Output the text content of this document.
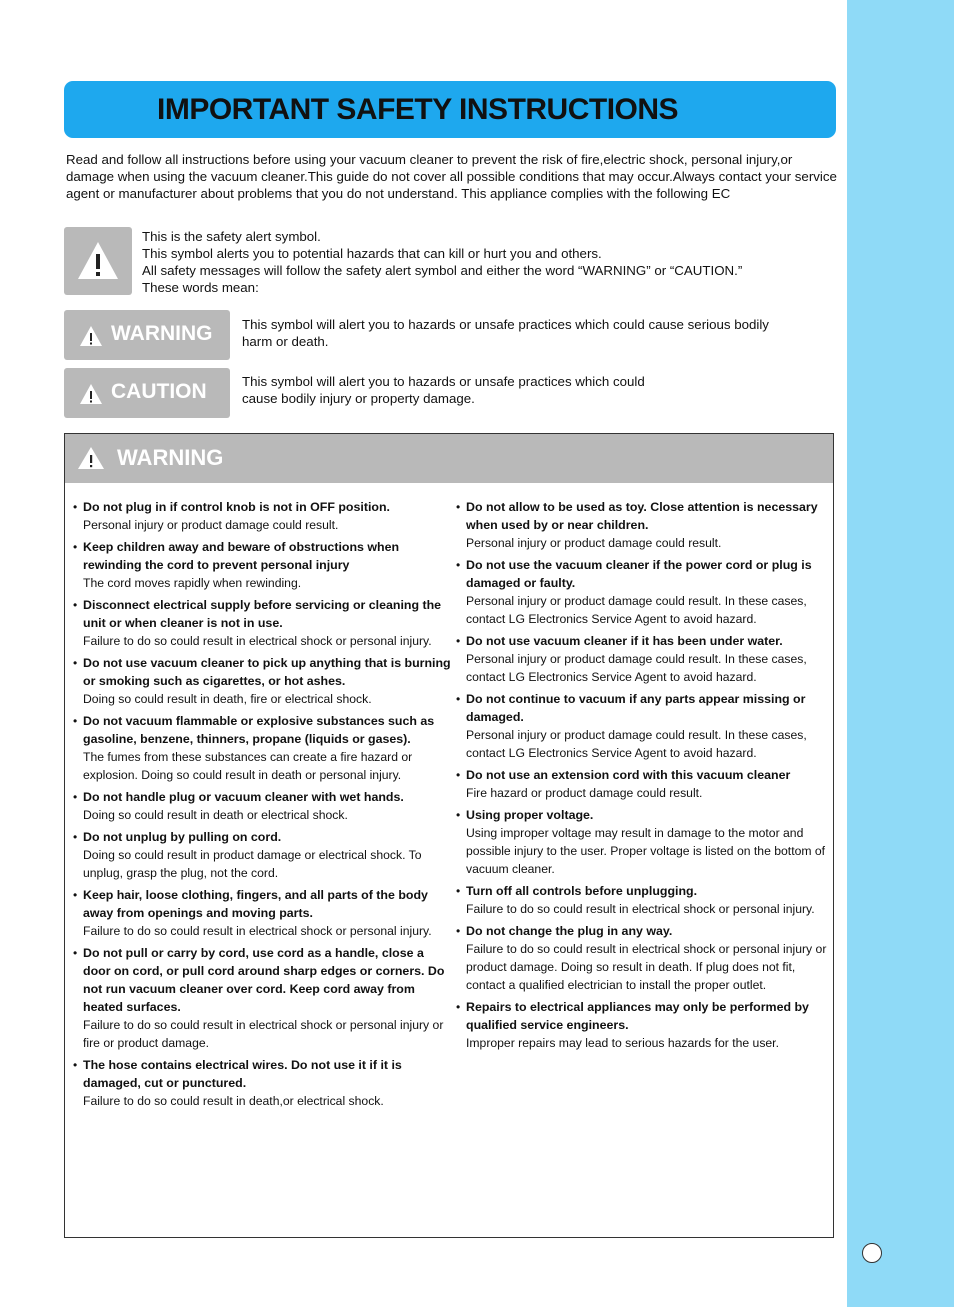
IMPORTANT SAFETY INSTRUCTIONS

Read and follow all instructions before using your vacuum cleaner to prevent the risk of fire,electric shock, personal injury,or damage when using the vacuum cleaner.This guide do not cover all possible conditions that may occur.Always contact your service agent or manufacturer about problems that you do not understand. This appliance complies with the following EC

This is the safety alert symbol.
This symbol alerts you to potential hazards that can kill or hurt you and others.
All safety messages will follow the safety alert symbol and either the word “WARNING” or “CAUTION.”
These words mean:
WARNING This symbol will alert you to hazards or unsafe practices which could cause serious bodily harm or death.
CAUTION	This symbol will alert you to hazards or unsafe practices which could cause bodily injury or property damage.
WARNING
• Do not plug in if control knob is not in OFF position.
Personal injury or product damage could result.
• Keep children away and beware of obstructions when rewinding the cord to prevent personal injury
The cord moves rapidly when rewinding.
• Disconnect electrical supply before servicing or cleaning the unit or when cleaner is not in use.
Failure to do so could result in electrical shock or personal injury.
• Do not use vacuum cleaner to pick up anything that is burning or smoking such as cigarettes, or hot ashes.
Doing so could result in death, fire or electrical shock.
• Do not vacuum flammable or explosive substances such as gasoline, benzene, thinners, propane (liquids or gases).
The fumes from these substances can create a fire hazard or explosion. Doing so could result in death or personal injury.
• Do not handle plug or vacuum cleaner with wet hands.
Doing so could result in death or electrical shock.
• Do not unplug by pulling on cord.
Doing so could result in product damage or electrical shock. To unplug, grasp the plug, not the cord.
• Keep hair, loose clothing, fingers, and all parts of the body away from openings and moving parts.
Failure to do so could result in electrical shock or personal injury.
• Do not pull or carry by cord, use cord as a handle, close a door on cord, or pull cord around sharp edges or corners. Do not run vacuum cleaner over cord. Keep cord away from heated surfaces.
Failure to do so could result in electrical shock or personal injury or fire or product damage.
• The hose contains electrical wires. Do not use it if it is damaged, cut or punctured.
Failure to do so could result in death,or electrical shock.
• Do not allow to be used as toy. Close attention is necessary when used by or near children.
Personal injury or product damage could result.
• Do not use the vacuum cleaner if the power cord or plug is damaged or faulty.
Personal injury or product damage could result. In these cases, contact LG Electronics Service Agent to avoid hazard.
• Do not use vacuum cleaner if it has been under water.
Personal injury or product damage could result. In these cases, contact LG Electronics Service Agent to avoid hazard.
• Do not continue to vacuum if any parts appear missing or damaged.
Personal injury or product damage could result. In these cases, contact LG Electronics Service Agent to avoid hazard.
• Do not use an extension cord with this vacuum cleaner
Fire hazard or product damage could result.
• Using proper voltage.
Using improper voltage may result in damage to the motor and possible injury to the user. Proper voltage is listed on the bottom of vacuum cleaner.
• Turn off all controls before unplugging.
Failure to do so could result in electrical shock or personal injury.
• Do not change the plug in any way.
Failure to do so could result in electrical shock or personal injury or product damage. Doing so result in death. If plug does not fit, contact a qualified electrician to install the proper outlet.
• Repairs to electrical appliances may only be performed by qualified service engineers.
Improper repairs may lead to serious hazards for the user.
